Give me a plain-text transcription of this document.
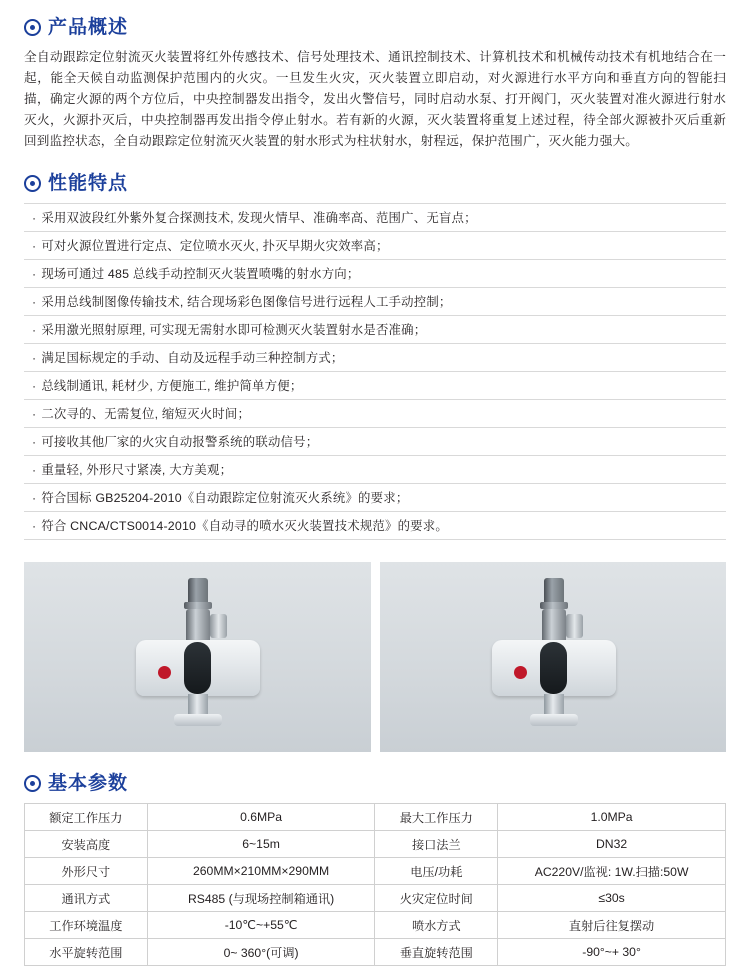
产品概述

全自动跟踪定位射流灭火装置将红外传感技术、信号处理技术、通讯控制技术、计算机技术和机械传动技术有机地结合在一起，能全天候自动监测保护范围内的火灾。一旦发生火灾，灭火装置立即启动，对火源进行水平方向和垂直方向的智能扫描，确定火源的两个方位后，中央控制器发出指令，发出火警信号，同时启动水泵、打开阀门，灭火装置对准火源进行射水灭火，火源扑灭后，中央控制器再发出指令停止射水。若有新的火源，灭火装置将重复上述过程，待全部火源被扑灭后重新回到监控状态，全自动跟踪定位射流灭火装置的射水形式为柱状射水，射程远，保护范围广，灭火能力强大。

性能特点
· 采用双波段红外紫外复合探测技术, 发现火情早、准确率高、范围广、无盲点；
· 可对火源位置进行定点、定位喷水灭火, 扑灭早期火灾效率高；
· 现场可通过 485 总线手动控制灭火装置喷嘴的射水方向；
· 采用总线制图像传输技术, 结合现场彩色图像信号进行远程人工手动控制；
· 采用激光照射原理, 可实现无需射水即可检测灭火装置射水是否准确；
· 满足国标规定的手动、自动及远程手动三种控制方式；
· 总线制通讯, 耗材少, 方便施工, 维护简单方便；
· 二次寻的、无需复位, 缩短灭火时间；
· 可接收其他厂家的火灾自动报警系统的联动信号；
· 重量轻, 外形尺寸紧凑, 大方美观；
· 符合国标 GB25204-2010《自动跟踪定位射流灭火系统》的要求；
· 符合 CNCA/CTS0014-2010《自动寻的喷水灭火装置技术规范》的要求。
基本参数
额定工作压力	0.6MPa	最大工作压力	1.0MPa
安装高度	6~15m	接口法兰	DN32
外形尺寸	260MM×210MM×290MM	电压/功耗	AC220V/监视: 1W.扫描:50W
通讯方式	RS485 (与现场控制箱通讯)	火灾定位时间	≤30s
工作环境温度	-10℃~+55℃	喷水方式	直射后往复摆动
水平旋转范围	0~ 360°(可调)	垂直旋转范围	-90°~+ 30°
